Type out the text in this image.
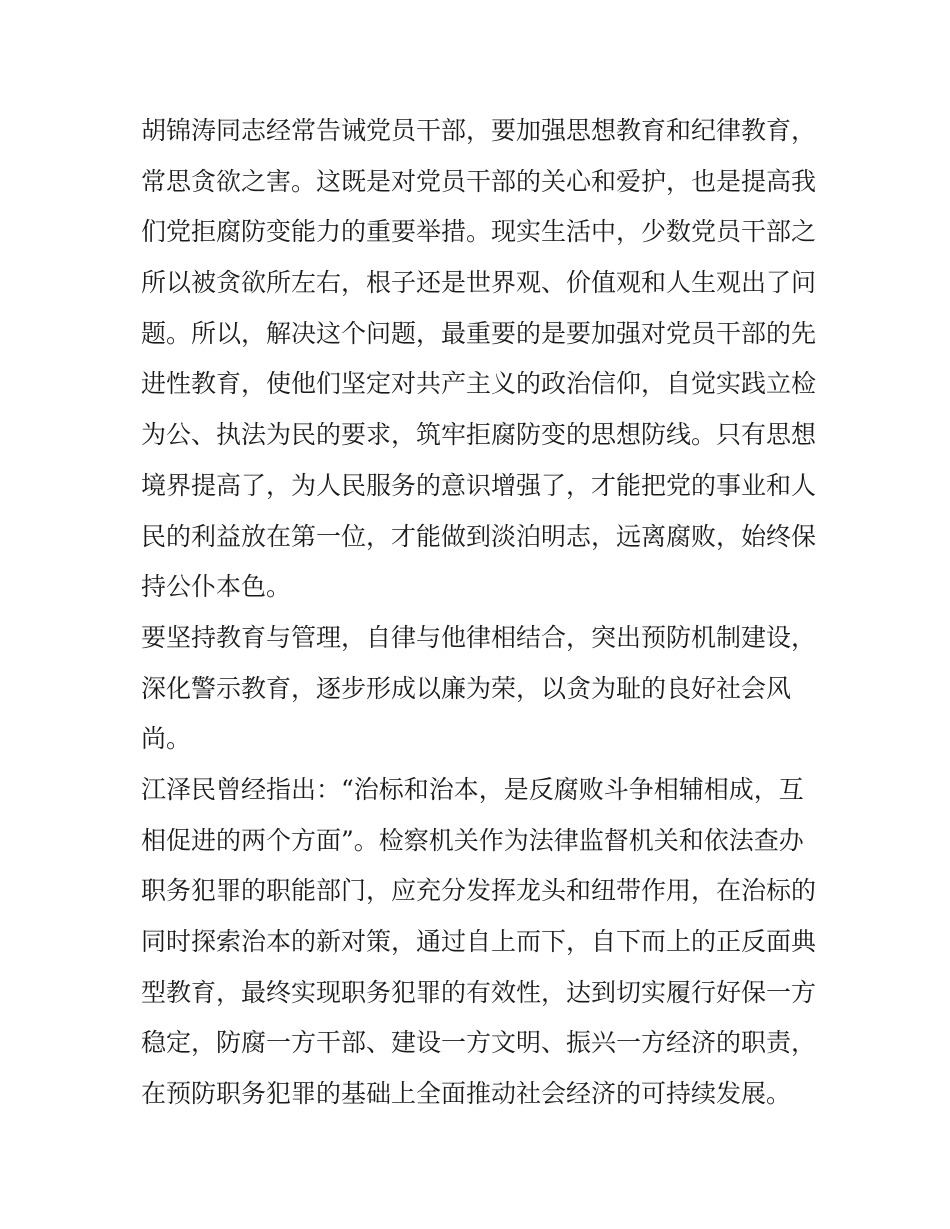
胡锦涛同志经常告诫党员干部，要加强思想教育和纪律教育，
常思贪欲之害。这既是对党员干部的关心和爱护，也是提高我
们党拒腐防变能力的重要举措。现实生活中，少数党员干部之
所以被贪欲所左右，根子还是世界观、价值观和人生观出了问
题。所以，解决这个问题，最重要的是要加强对党员干部的先
进性教育，使他们坚定对共产主义的政治信仰，自觉实践立检
为公、执法为民的要求，筑牢拒腐防变的思想防线。只有思想
境界提高了，为人民服务的意识增强了，才能把党的事业和人
民的利益放在第一位，才能做到淡泊明志，远离腐败，始终保
持公仆本色。
要坚持教育与管理，自律与他律相结合，突出预防机制建设，
深化警示教育，逐步形成以廉为荣，以贪为耻的良好社会风
尚。
江泽民曾经指出：“治标和治本，是反腐败斗争相辅相成，互
相促进的两个方面”。检察机关作为法律监督机关和依法查办
职务犯罪的职能部门，应充分发挥龙头和纽带作用，在治标的
同时探索治本的新对策，通过自上而下，自下而上的正反面典
型教育，最终实现职务犯罪的有效性，达到切实履行好保一方
稳定，防腐一方干部、建设一方文明、振兴一方经济的职责，
在预防职务犯罪的基础上全面推动社会经济的可持续发展。
